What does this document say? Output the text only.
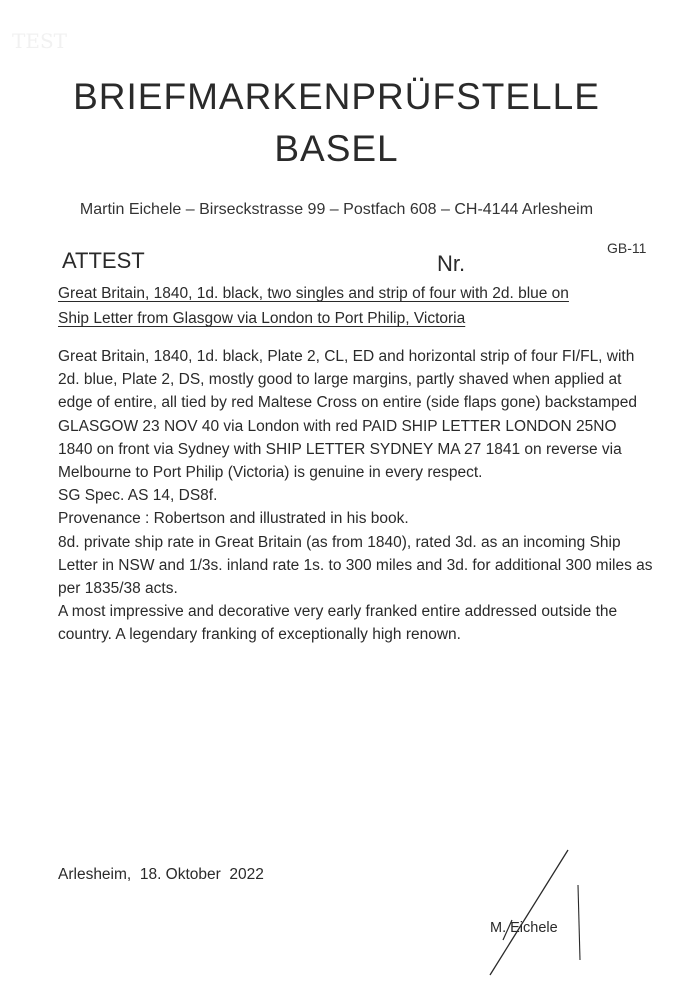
TEST
BRIEFMARKENPRÜFSTELLE
BASEL
Martin Eichele – Birseckstrasse 99 – Postfach 608 – CH-4144 Arlesheim
ATTEST	Nr.
GB-11
Great Britain, 1840, 1d. black, two singles and strip of four with 2d. blue on
Ship Letter from Glasgow via London to Port Philip, Victoria

Great Britain, 1840, 1d. black, Plate 2, CL, ED and horizontal strip of four FI/FL, with 2d. blue, Plate 2, DS, mostly good to large margins, partly shaved when applied at edge of entire, all tied by red Maltese Cross on entire (side flaps gone) backstamped GLASGOW 23 NOV 40 via London with red PAID SHIP LETTER LONDON 25NO 1840 on front via Sydney with SHIP LETTER SYDNEY MA 27 1841 on reverse via Melbourne to Port Philip (Victoria) is genuine in every respect.

SG Spec. AS 14, DS8f.

Provenance : Robertson and illustrated in his book.

8d. private ship rate in Great Britain (as from 1840), rated 3d. as an incoming Ship Letter in NSW and 1/3s. inland rate 1s. to 300 miles and 3d. for additional 300 miles as per 1835/38 acts.

A most impressive and decorative very early franked entire addressed outside the country. A legendary franking of exceptionally high renown.

Arlesheim,  18. Oktober  2022
M. Eichele
